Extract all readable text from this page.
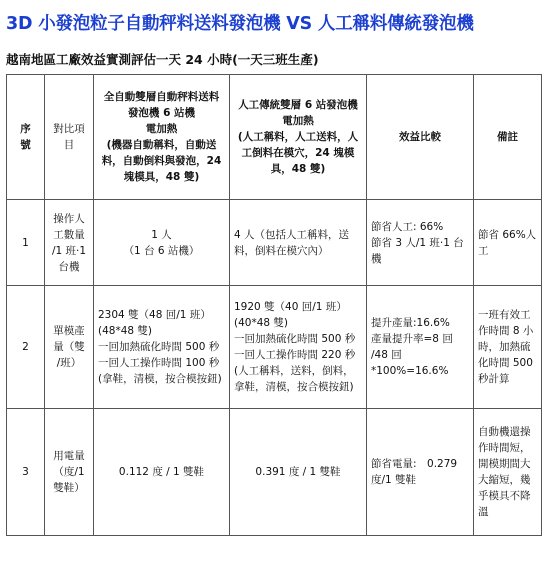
3D 小發泡粒子自動秤料送料發泡機 VS 人工稱料傳統發泡機
越南地區工廠效益實測評估一天 24 小時(一天三班生產)
序
號	對比項
目	全自動雙層自動秤料送料
發泡機 6 站機
電加熱
(機器自動稱料，自動送料，自動倒料與發泡，24 塊模具，48 雙)	人工傳統雙層 6 站發泡機
電加熱
(人工稱料，人工送料，人工倒料在模穴，24 塊模具，48 雙)	效益比較	備註
1	操作人
工數量
/1 班·1
台機	1 人
（1 台 6 站機）	4 人（包括人工稱料，送料，倒料在模穴內）	節省人工: 66%
節省 3 人/1 班·1 台機	節省 66%人工
2	單模產
量（雙
/班）	2304 雙（48 回/1 班）
(48*48 雙)
一回加熱硫化時間 500 秒
一回人工操作時間 100 秒
(拿鞋，清模，按合模按鈕)	1920 雙（40 回/1 班）
(40*48 雙)
一回加熱硫化時間 500 秒
一回人工操作時間 220 秒
(人工稱料，送料，倒料，拿鞋，清模，按合模按鈕)	提升產量:16.6%
產量提升率=8 回
/48 回
*100%=16.6%	一班有效工作時間 8 小時，加熱硫化時間 500 秒計算
3	用電量
（度/1
雙鞋）	0.112 度 / 1 雙鞋	0.391 度 / 1 雙鞋	節省電量:　0.279 度/1 雙鞋	自動機還操作時間短，開模期間大大縮短，幾乎模具不降溫
